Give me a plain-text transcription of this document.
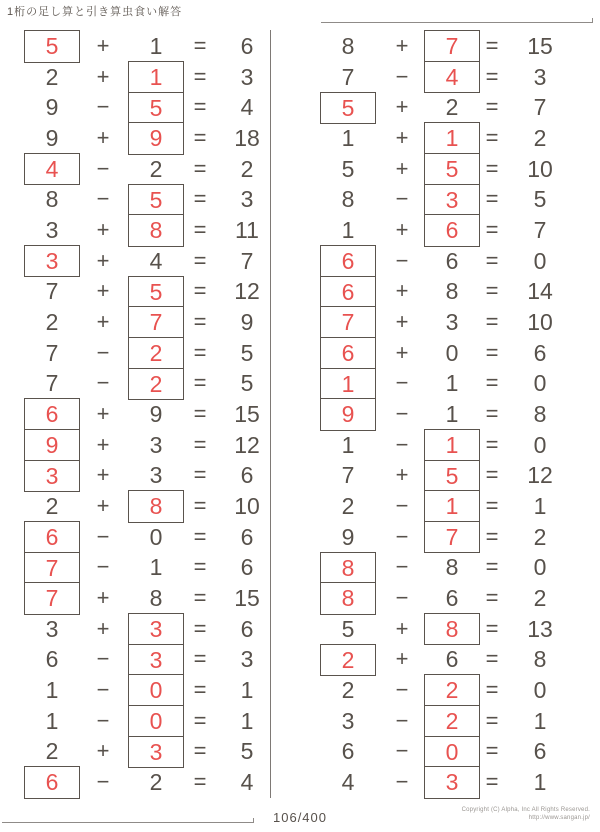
1桁の足し算と引き算虫食い解答
5	+	1	=	6
2	+	1	=	3
9	−	5	=	4
9	+	9	=	18
4	−	2	=	2
8	−	5	=	3
3	+	8	=	11
3	+	4	=	7
7	+	5	=	12
2	+	7	=	9
7	−	2	=	5
7	−	2	=	5
6	+	9	=	15
9	+	3	=	12
3	+	3	=	6
2	+	8	=	10
6	−	0	=	6
7	−	1	=	6
7	+	8	=	15
3	+	3	=	6
6	−	3	=	3
1	−	0	=	1
1	−	0	=	1
2	+	3	=	5
6	−	2	=	4
8	+	7	=	15
7	−	4	=	3
5	+	2	=	7
1	+	1	=	2
5	+	5	=	10
8	−	3	=	5
1	+	6	=	7
6	−	6	=	0
6	+	8	=	14
7	+	3	=	10
6	+	0	=	6
1	−	1	=	0
9	−	1	=	8
1	−	1	=	0
7	+	5	=	12
2	−	1	=	1
9	−	7	=	2
8	−	8	=	0
8	−	6	=	2
5	+	8	=	13
2	+	6	=	8
2	−	2	=	0
3	−	2	=	1
6	−	0	=	6
4	−	3	=	1
106/400	Copyright (C) Alpha, Inc All Rights Reserved.
http://www.sangan.jp/
